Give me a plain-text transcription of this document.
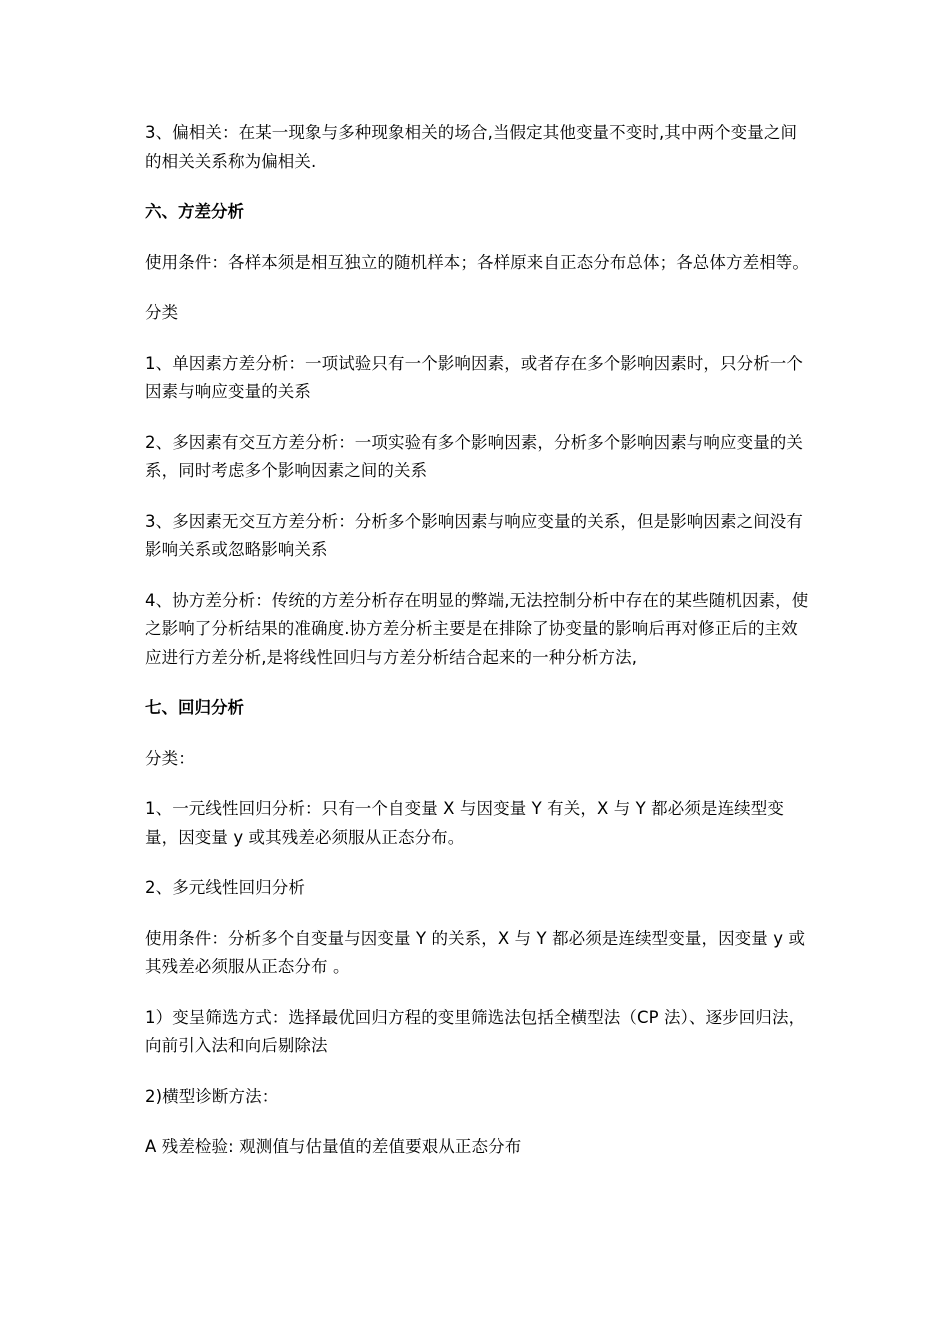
3、偏相关：在某一现象与多种现象相关的场合,当假定其他变量不变时,其中两个变量之间的相关关系称为偏相关.

六、方差分析

使用条件：各样本须是相互独立的随机样本；各样原来自正态分布总体；各总体方差相等。

分类

1、单因素方差分析：一项试验只有一个影响因素，或者存在多个影响因素时，只分析一个因素与响应变量的关系

2、多因素有交互方差分析：一项实验有多个影响因素，分析多个影响因素与响应变量的关系，同时考虑多个影响因素之间的关系

3、多因素无交互方差分析：分析多个影响因素与响应变量的关系，但是影响因素之间没有影响关系或忽略影响关系

4、协方差分析：传统的方差分析存在明显的弊端,无法控制分析中存在的某些随机因素，使之影响了分析结果的准确度.协方差分析主要是在排除了协变量的影响后再对修正后的主效应进行方差分析,是将线性回归与方差分析结合起来的一种分析方法,

七、回归分析

分类：

1、一元线性回归分析：只有一个自变量 X 与因变量 Y 有关，X 与 Y 都必须是连续型变量，因变量 y 或其残差必须服从正态分布。

2、多元线性回归分析

使用条件：分析多个自变量与因变量 Y 的关系，X 与 Y 都必须是连续型变量，因变量 y 或其残差必须服从正态分布 。

1）变呈筛选方式：选择最优回归方程的变里筛选法包括全横型法（CP 法）、逐步回归法，向前引入法和向后剔除法

2)横型诊断方法：

A 残差检验: 观测值与估量值的差值要艰从正态分布
